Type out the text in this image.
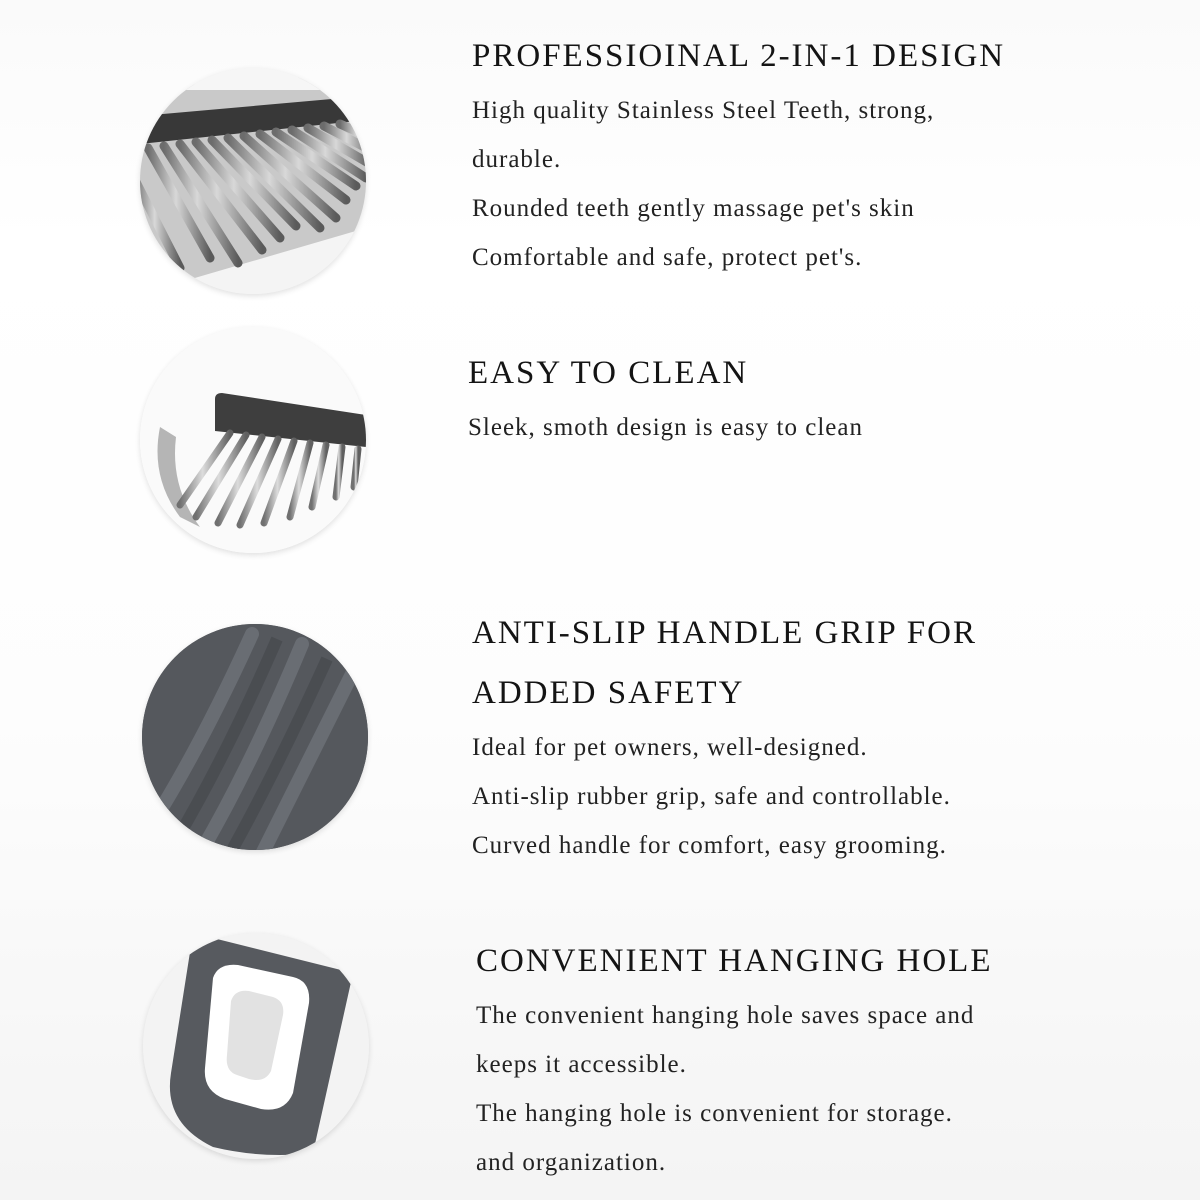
PROFESSIOINAL 2-IN-1 DESIGN

High quality Stainless Steel Teeth, strong,

durable.

Rounded teeth gently massage pet's skin

Comfortable and safe, protect pet's.

EASY TO CLEAN

Sleek, smoth design is easy to clean

ANTI-SLIP HANDLE GRIP FOR
ADDED SAFETY

Ideal for pet owners, well-designed.

Anti-slip rubber grip, safe and controllable.

Curved handle for comfort, easy grooming.

CONVENIENT HANGING HOLE

The convenient hanging hole saves space and

keeps it accessible.

The hanging hole is convenient for storage.

and organization.
